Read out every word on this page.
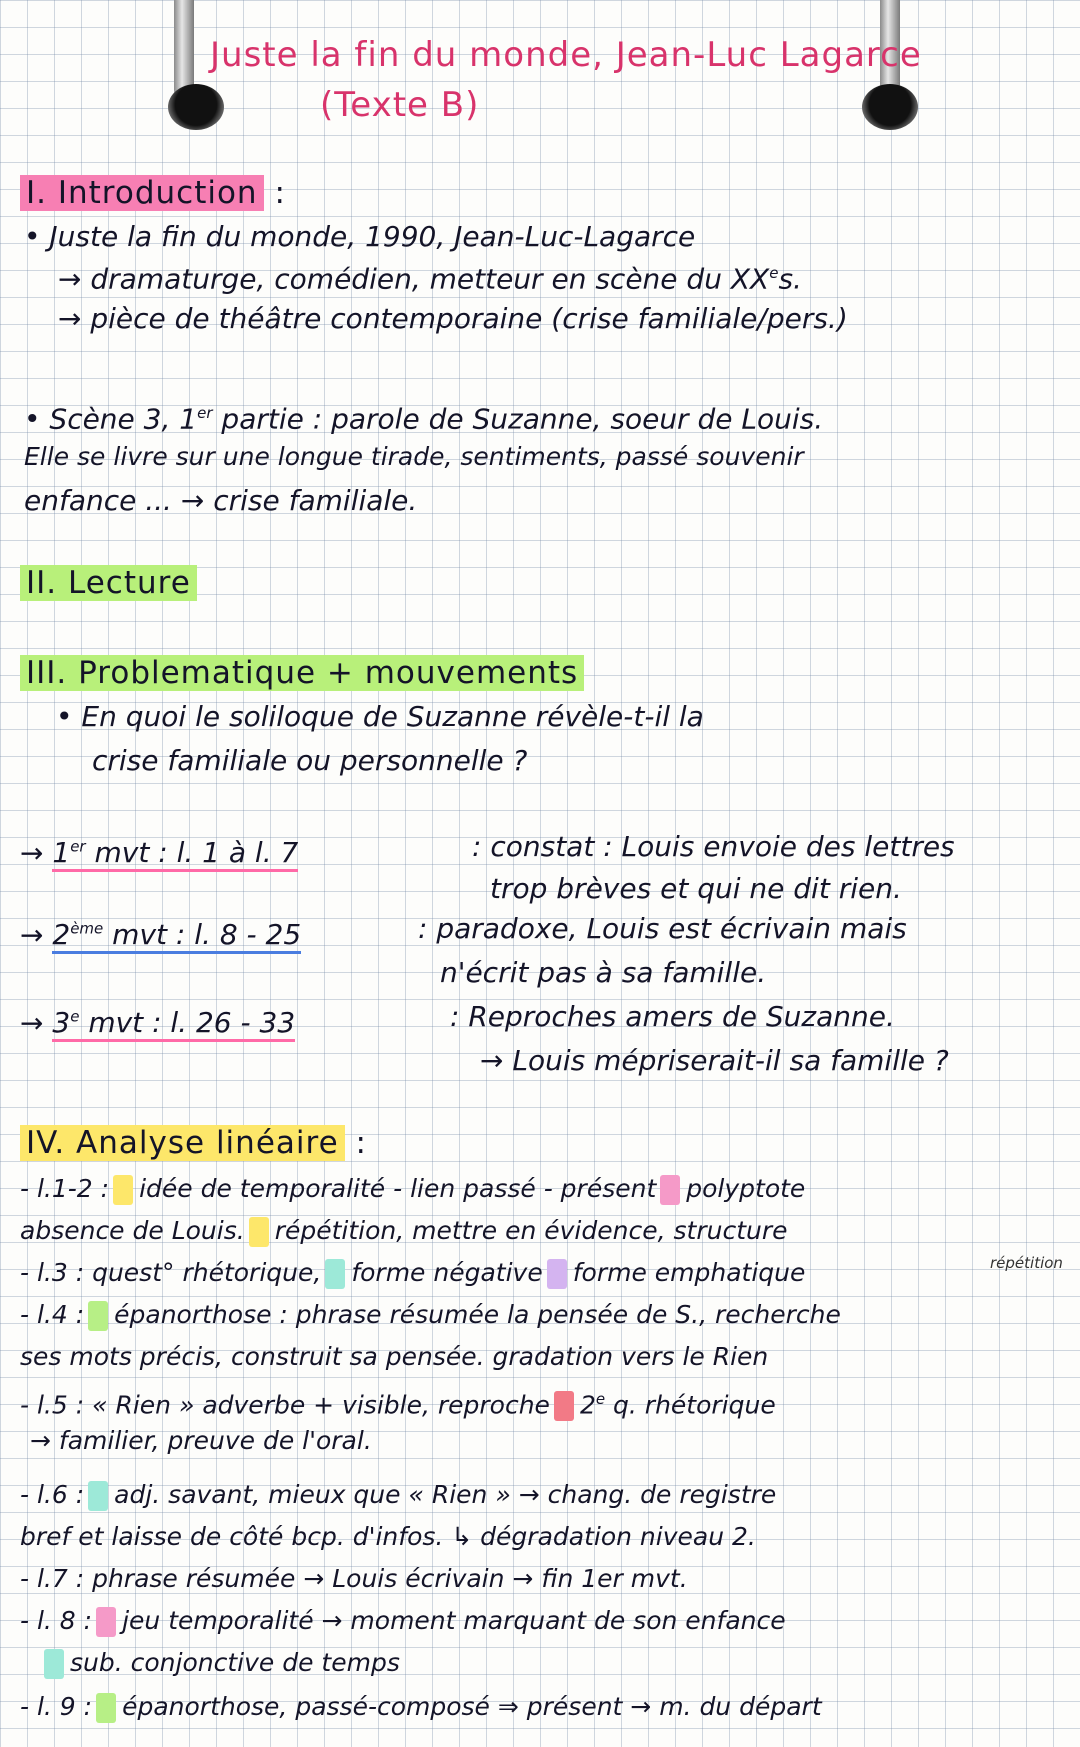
Juste la fin du monde, Jean-Luc Lagarce
(Texte B)
I. Introduction :
• Juste la fin du monde, 1990, Jean-Luc-Lagarce
→ dramaturge, comédien, metteur en scène du $XX^es$.
→ pièce de théâtre contemporaine (crise familiale/pers.)
• Scène 3, 1er partie : parole de Suzanne, soeur de Louis.
Elle se livre sur une longue tirade, sentiments, passé souvenir
enfance ... → crise familiale.
II. Lecture
III. Problematique + mouvements
• En quoi le soliloque de Suzanne révèle-t-il la
crise familiale ou personnelle ?
→ 1er mvt : l. 1 à l. 7	: constat : Louis envoie des lettres
trop brèves et qui ne dit rien.
→ 2ème mvt : l. 8 - 25	: paradoxe, Louis est écrivain mais
n'écrit pas à sa famille.
→ $3^e$ mvt : l. 26 - 33	: Reproches amers de Suzanne.
→ Louis mépriserait-il sa famille ?
IV. Analyse linéaire :
- l.1-2 : idée de temporalité - lien passé - présent polyptote
absence de Louis. répétition, mettre en évidence, structure
répétition
- l.3 : quest° rhétorique, forme négative forme emphatique
- l.4 : épanorthose : phrase résumée la pensée de S., recherche
ses mots précis, construit sa pensée. gradation vers le Rien
- l.5 : « Rien » adverbe + visible, reproche 2e q. rhétorique
→ familier, preuve de l'oral.
- l.6 : adj. savant, mieux que « Rien » → chang. de registre
bref et laisse de côté bcp. d'infos. ↳ dégradation niveau 2.
- l.7 : phrase résumée → Louis écrivain → fin 1er mvt.
- l. 8 : jeu temporalité → moment marquant de son enfance
sub. conjonctive de temps
- l. 9 : épanorthose, passé-composé ⇒ présent → m. du départ
